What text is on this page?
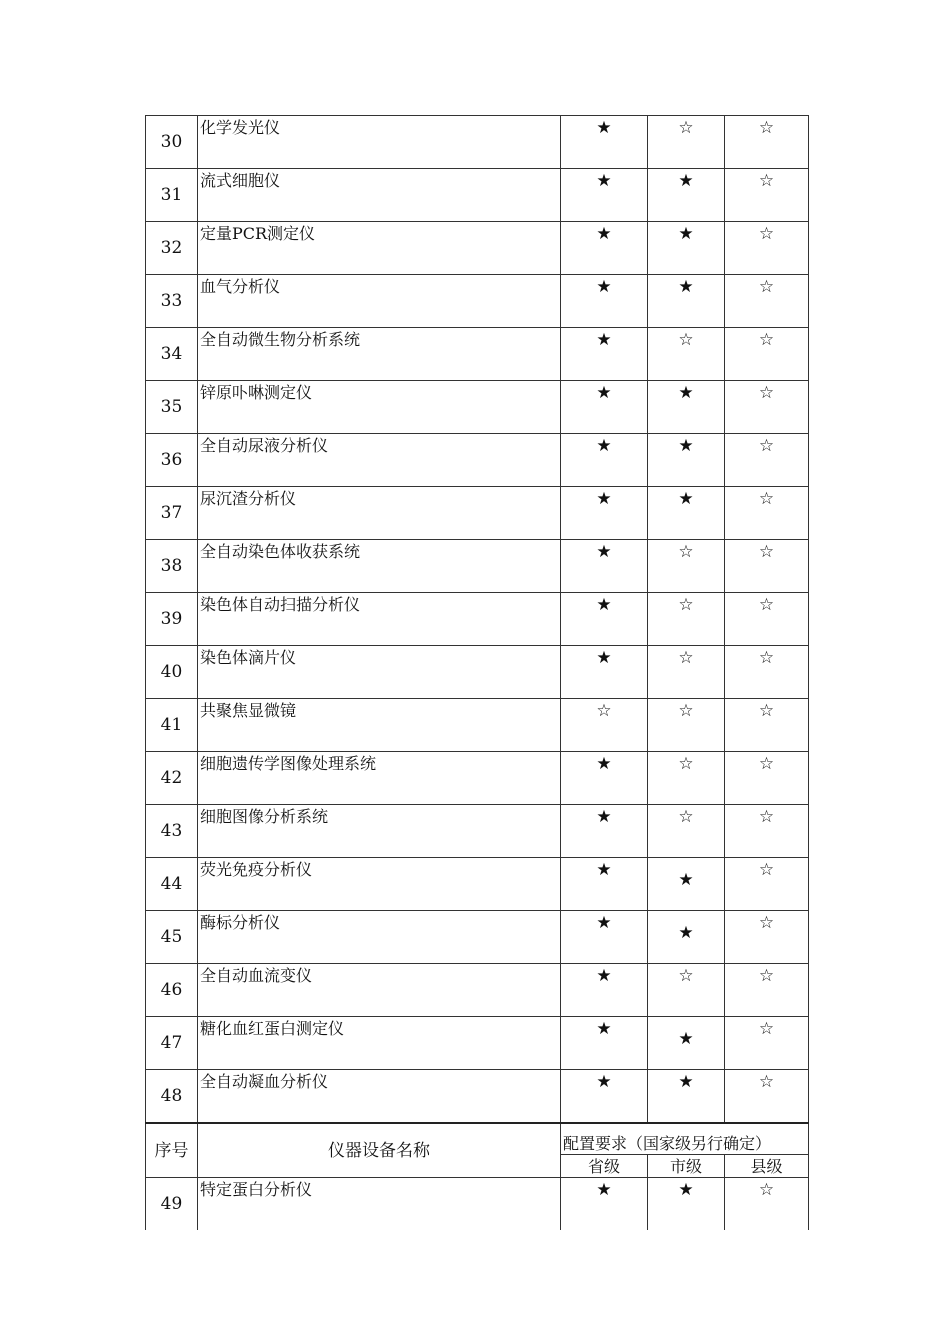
30	化学发光仪	★	☆	☆
31	流式细胞仪	★	★	☆
32	定量PCR测定仪	★	★	☆
33	血气分析仪	★	★	☆
34	全自动微生物分析系统	★	☆	☆
35	锌原卟啉测定仪	★	★	☆
36	全自动尿液分析仪	★	★	☆
37	尿沉渣分析仪	★	★	☆
38	全自动染色体收获系统	★	☆	☆
39	染色体自动扫描分析仪	★	☆	☆
40	染色体滴片仪	★	☆	☆
41	共聚焦显微镜	☆	☆	☆
42	细胞遗传学图像处理系统	★	☆	☆
43	细胞图像分析系统	★	☆	☆
44	荧光免疫分析仪	★	★	☆
45	酶标分析仪	★	★	☆
46	全自动血流变仪	★	☆	☆
47	糖化血红蛋白测定仪	★	★	☆
48	全自动凝血分析仪	★	★	☆
序号	仪器设备名称	配置要求（国家级另行确定）		
		省级	市级	县级
49	特定蛋白分析仪	★	★	☆
